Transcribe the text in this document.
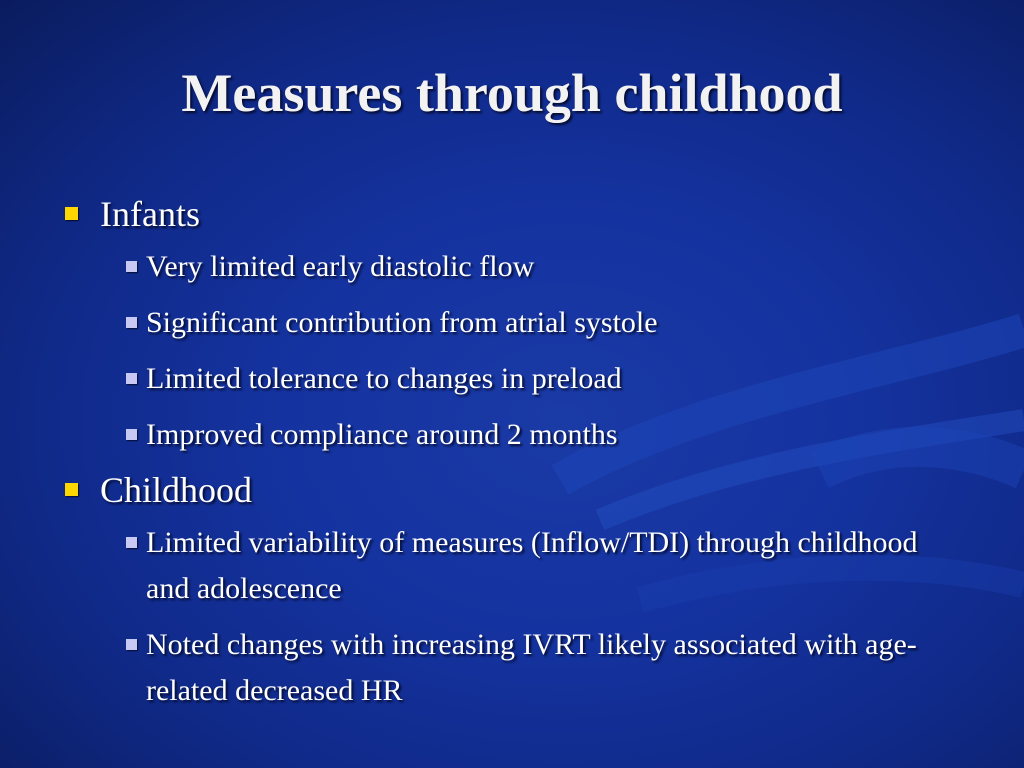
Measures through childhood
Infants
Very limited early diastolic flow
Significant contribution from atrial systole
Limited tolerance to changes in preload
Improved compliance around 2 months
Childhood
Limited variability of measures (Inflow/TDI) through childhood and adolescence
Noted changes with increasing IVRT likely associated with age-related decreased HR
